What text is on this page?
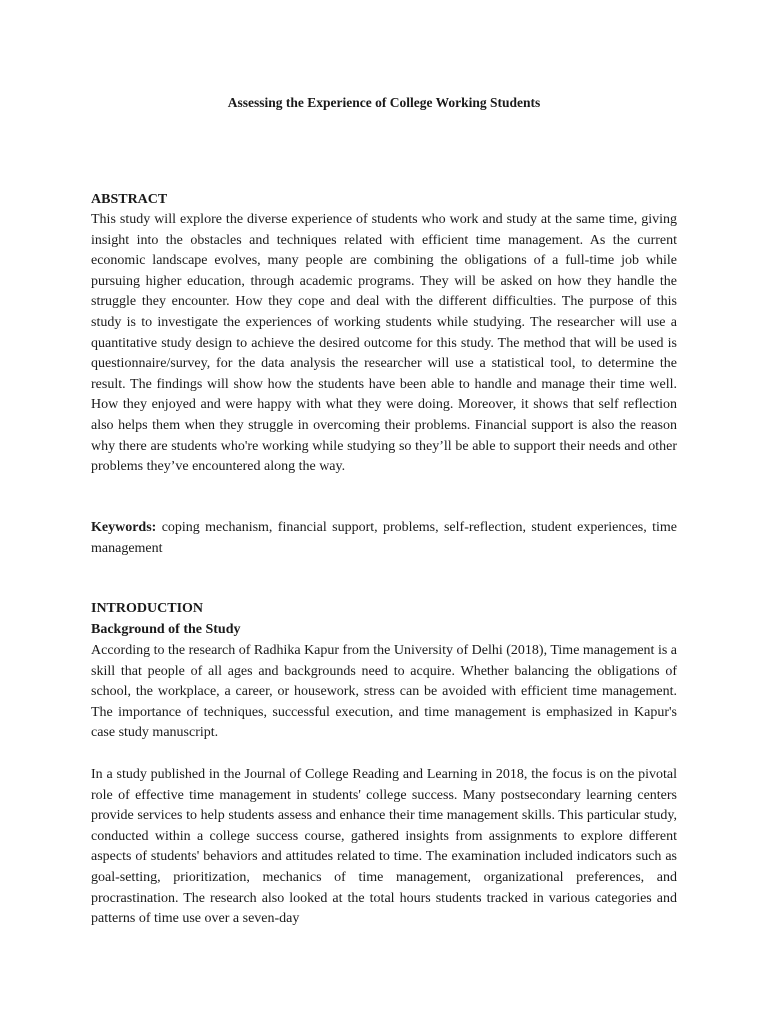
Assessing the Experience of College Working Students
ABSTRACT

This study will explore the diverse experience of students who work and study at the same time, giving insight into the obstacles and techniques related with efficient time management. As the current economic landscape evolves, many people are combining the obligations of a full-time job while pursuing higher education, through academic programs. They will be asked on how they handle the struggle they encounter. How they cope and deal with the different difficulties. The purpose of this study is to investigate the experiences of working students while studying. The researcher will use a quantitative study design to achieve the desired outcome for this study. The method that will be used is questionnaire/survey, for the data analysis the researcher will use a statistical tool, to determine the result. The findings will show how the students have been able to handle and manage their time well. How they enjoyed and were happy with what they were doing. Moreover, it shows that self reflection also helps them when they struggle in overcoming their problems. Financial support is also the reason why there are students who're working while studying so they’ll be able to support their needs and other problems they’ve encountered along the way.

Keywords: coping mechanism, financial support, problems, self-reflection, student experiences, time management

INTRODUCTION
Background of the Study

According to the research of Radhika Kapur from the University of Delhi (2018), Time management is a skill that people of all ages and backgrounds need to acquire. Whether balancing the obligations of school, the workplace, a career, or housework, stress can be avoided with efficient time management. The importance of techniques, successful execution, and time management is emphasized in Kapur's case study manuscript.

In a study published in the Journal of College Reading and Learning in 2018, the focus is on the pivotal role of effective time management in students' college success. Many postsecondary learning centers provide services to help students assess and enhance their time management skills. This particular study, conducted within a college success course, gathered insights from assignments to explore different aspects of students' behaviors and attitudes related to time. The examination included indicators such as goal-setting, prioritization, mechanics of time management, organizational preferences, and procrastination. The research also looked at the total hours students tracked in various categories and patterns of time use over a seven-day
